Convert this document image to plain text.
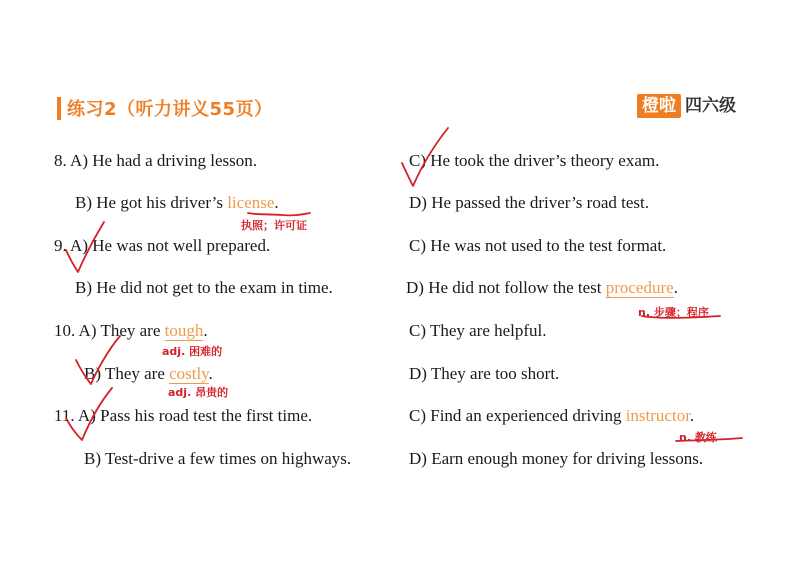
练习2（听力讲义55页）	橙啦 四六级
8. A) He had a driving lesson.	C) He took the driver’s theory exam.
B) He got his driver’s license.	D) He passed the driver’s road test.
执照；许可证
9. A) He was not well prepared.	C) He was not used to the test format.
B) He did not get to the exam in time.	D) He did not follow the test procedure.
n. 步骤；程序
10. A) They are tough.	C) They are helpful.
adj. 困难的
B) They are costly.	D) They are too short.
adj. 昂贵的
11. A) Pass his road test the first time.	C) Find an experienced driving instructor.
n. 教练
B) Test-drive a few times on highways.	D) Earn enough money for driving lessons.
